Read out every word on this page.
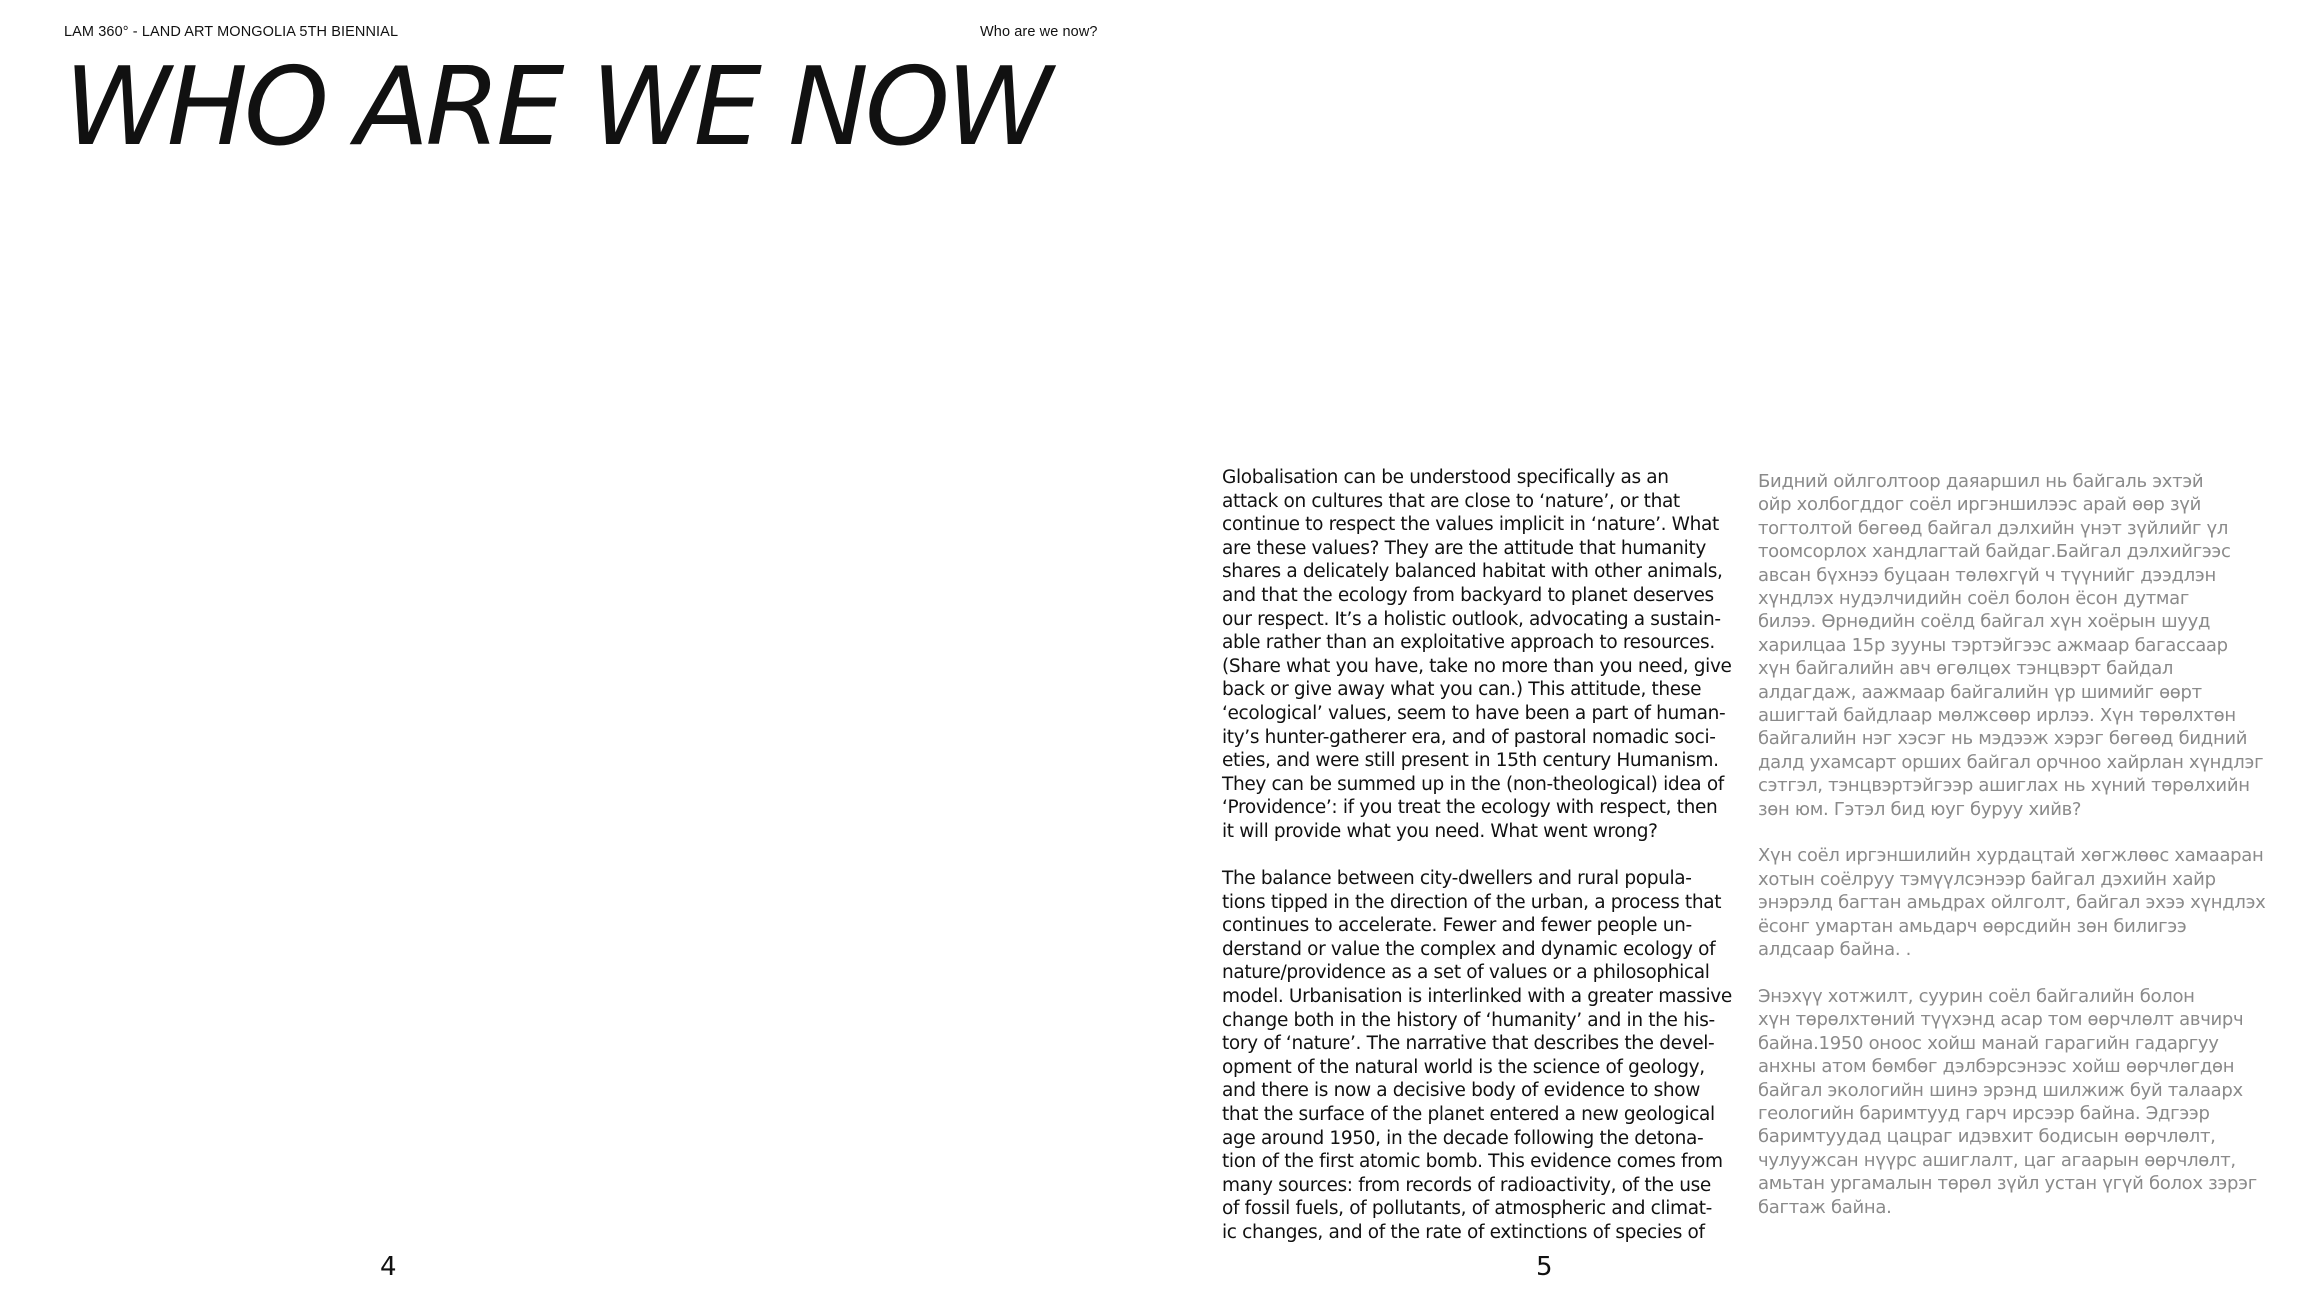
LAM 360° - LAND ART MONGOLIA 5TH BIENNIAL	Who are we now?
WHO ARE WE NOW

Globalisation can be understood specifically as an
attack on cultures that are close to ‘nature’, or that
continue to respect the values implicit in ‘nature’. What
are these values? They are the attitude that humanity
shares a delicately balanced habitat with other animals,
and that the ecology from backyard to planet deserves
our respect. It’s a holistic outlook, advocating a sustain-
able rather than an exploitative approach to resources.
(Share what you have, take no more than you need, give
back or give away what you can.) This attitude, these
‘ecological’ values, seem to have been a part of human-
ity’s hunter-gatherer era, and of pastoral nomadic soci-
eties, and were still present in 15th century Humanism.
They can be summed up in the (non-theological) idea of
‘Providence’: if you treat the ecology with respect, then
it will provide what you need. What went wrong?

The balance between city-dwellers and rural popula-
tions tipped in the direction of the urban, a process that
continues to accelerate. Fewer and fewer people un-
derstand or value the complex and dynamic ecology of
nature/providence as a set of values or a philosophical
model. Urbanisation is interlinked with a greater massive
change both in the history of ‘humanity’ and in the his-
tory of ‘nature’. The narrative that describes the devel-
opment of the natural world is the science of geology,
and there is now a decisive body of evidence to show
that the surface of the planet entered a new geological
age around 1950, in the decade following the detona-
tion of the first atomic bomb. This evidence comes from
many sources: from records of radioactivity, of the use
of fossil fuels, of pollutants, of atmospheric and climat-
ic changes, and of the rate of extinctions of species of

Бидний ойлголтоор даяаршил нь байгаль эхтэй
ойр холбогддог соёл иргэншилээс арай өөр зүй
тогтолтой бөгөөд байгал дэлхийн үнэт зүйлийг үл
тоомсорлох хандлагтай байдаг.Байгал дэлхийгээс
авсан бүхнээ буцаан төлөхгүй ч түүнийг дээдлэн
хүндлэх нудэлчидийн соёл болон ёсон дутмаг
билээ. Өрнөдийн соёлд байгал хүн хоёрын шууд
харилцаа 15р зууны тэртэйгээс ажмаар багассаар
хүн байгалийн авч өгөлцөх тэнцвэрт байдал
алдагдаж, аажмаар байгалийн үр шимийг өөрт
ашигтай байдлаар мөлжсөөр ирлээ. Хүн төрөлхтөн
байгалийн нэг хэсэг нь мэдээж хэрэг бөгөөд бидний
далд ухамсарт орших байгал орчноо хайрлан хүндлэг
сэтгэл, тэнцвэртэйгээр ашиглах нь хүний төрөлхийн
зөн юм. Гэтэл бид юуг буруу хийв?

Хүн соёл иргэншилийн хурдацтай хөгжлөөс хамааран
хотын соёлруу тэмүүлсэнээр байгал дэхийн хайр
энэрэлд багтан амьдрах ойлголт, байгал эхээ хүндлэх
ёсонг умартан амьдарч өөрсдийн зөн билигээ
алдсаар байна. .

Энэхүү хотжилт, суурин соёл байгалийн болон
хүн төрөлхтөний түүхэнд асар том өөрчлөлт авчирч
байна.1950 оноос хойш манай гарагийн гадаргуу
анхны атом бөмбөг дэлбэрсэнээс хойш өөрчлөгдөн
байгал экологийн шинэ эрэнд шилжиж буй талаарх
геологийн баримтууд гарч ирсээр байна. Эдгээр
баримтуудад цацраг идэвхит бодисын өөрчлөлт,
чулуужсан нүүрс ашиглалт, цаг агаарын өөрчлөлт,
амьтан ургамалын төрөл зүйл устан үгүй болох зэрэг
багтаж байна.

4	5
